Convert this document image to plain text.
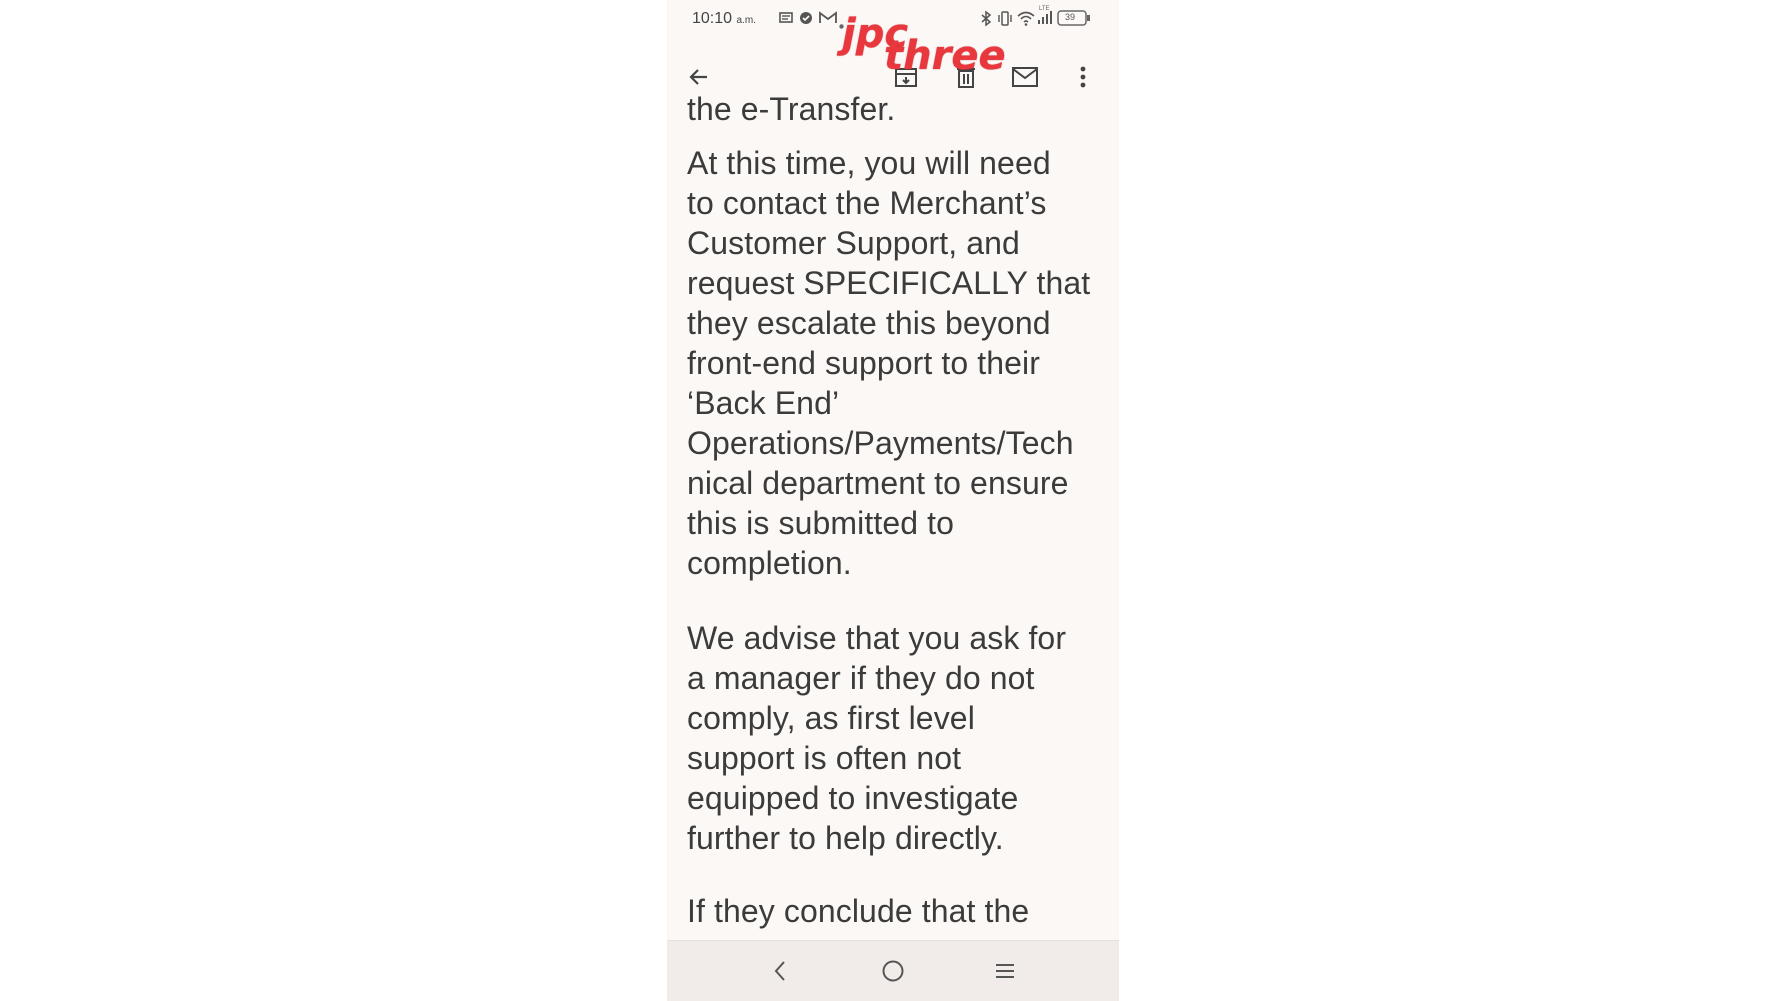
10:10 a.m.
LTE
39
jpc
three

the e-Transfer.

At this time, you will need
to contact the Merchant’s
Customer Support, and
request SPECIFICALLY that
they escalate this beyond
front-end support to their
‘Back End’
Operations/Payments/Tech
nical department to ensure
this is submitted to
completion.

We advise that you ask for
a manager if they do not
comply, as first level
support is often not
equipped to investigate
further to help directly.

If they conclude that the
